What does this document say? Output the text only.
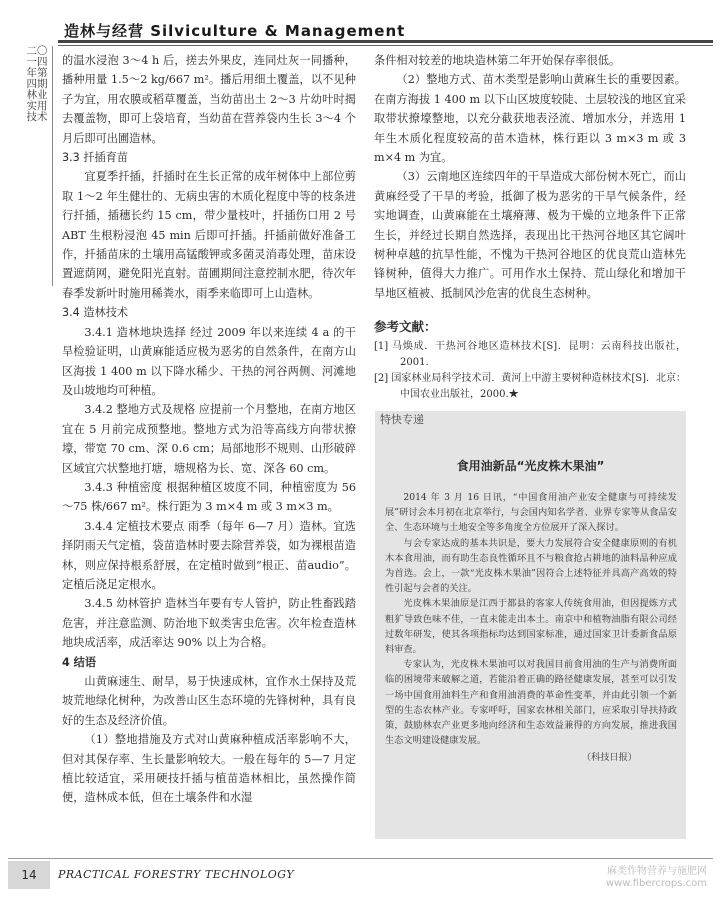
造林与经营 Silviculture & Management
二〇一四年第四期 林业实用技术

的温水浸泡 3～4 h 后，搓去外果皮，连同灶灰一同播种，播种用量 1.5～2 kg/667 m²。播后用细土覆盖，以不见种子为宜，用农膜或稻草覆盖，当幼苗出土 2～3 片幼叶时揭去覆盖物，即可上袋培育，当幼苗在营养袋内生长 3～4 个月后即可出圃造林。

3.3 扦插育苗

宜夏季扦插，扦插时在生长正常的成年树体中上部位剪取 1～2 年生健壮的、无病虫害的木质化程度中等的枝条进行扦插，插穗长约 15 cm，带少量枝叶，扦插伤口用 2 号 ABT 生根粉浸泡 45 min 后即可扦插。扦插前做好准备工作，扦插苗床的土壤用高锰酸钾或多菌灵消毒处理，苗床设置遮荫网，避免阳光直射。苗圃期间注意控制水肥，待次年春季发新叶时施用稀粪水，雨季来临即可上山造林。

3.4 造林技术

3.4.1 造林地块选择 经过 2009 年以来连续 4 a 的干旱检验证明，山黄麻能适应极为恶劣的自然条件，在南方山区海拔 1 400 m 以下降水稀少、干热的河谷两侧、河滩地及山坡地均可种植。

3.4.2 整地方式及规格 应提前一个月整地，在南方地区宜在 5 月前完成预整地。整地方式为沿等高线方向带状撩壕，带宽 70 cm、深 0.6 cm；局部地形不规则、山形破碎区域宜穴状整地打塘，塘规格为长、宽、深各 60 cm。

3.4.3 种植密度 根据种植区坡度不同，种植密度为 56～75 株/667 m²。株行距为 3 m×4 m 或 3 m×3 m。

3.4.4 定植技术要点 雨季（每年 6—7 月）造林。宜选择阴雨天气定植，袋苗造林时要去除营养袋，如为裸根苗造林，则应保持根系舒展，在定植时做到“根正、苗audio”。定植后浇足定根水。

3.4.5 幼林管护 造林当年要有专人管护，防止牲畜践踏危害，并注意监测、防治地下蚁类害虫危害。次年检查造林地块成活率，成活率达 90% 以上为合格。

4 结语

山黄麻速生、耐旱，易于快速成林，宜作水土保持及荒坡荒地绿化树种，为改善山区生态环境的先锋树种，具有良好的生态及经济价值。

（1）整地措施及方式对山黄麻种植成活率影响不大，但对其保存率、生长量影响较大。一般在每年的 5—7 月定植比较适宜，采用硬技扦插与植苗造林相比，虽然操作简便，造林成本低，但在土壤条件和水湿

条件相对较差的地块造林第二年开始保存率很低。

（2）整地方式、苗木类型是影响山黄麻生长的重要因素。在南方海拔 1 400 m 以下山区坡度较陡、土层较浅的地区宜采取带状撩壕整地，以充分截获地表泾流、增加水分，并选用 1 年生木质化程度较高的苗木造林，株行距以 3 m×3 m 或 3 m×4 m 为宜。

（3）云南地区连续四年的干旱造成大部份树木死亡，而山黄麻经受了干旱的考验，抵御了极为恶劣的干旱气候条件，经实地调查，山黄麻能在土壤瘠薄、极为干燥的立地条件下正常生长，并经过长期自然选择，表现出比干热河谷地区其它阔叶树种卓越的抗旱性能，不愧为干热河谷地区的优良荒山造林先锋树种，值得大力推广。可用作水土保持、荒山绿化和增加干旱地区植被、抵制风沙危害的优良生态树种。

参考文献：
[1] 马焕成．干热河谷地区造林技术[S]．昆明：云南科技出版社，2001.
[2] 国家林业局科学技术司．黄河上中游主要树种造林技术[S]．北京：中国农业出版社，2000.★
特快专递
食用油新品“光皮株木果油”

2014 年 3 月 16 日讯，“中国食用油产业安全健康与可持续发展”研讨会本月初在北京举行，与会国内知名学者、业界专家等从食品安全、生态环境与土地安全等多角度全方位展开了深入探讨。

与会专家达成的基本共识是，要大力发展符合安全健康原则的有机木本食用油，而有助生态良性循环且不与粮食抢占耕地的油料品种应成为首选。会上，一款“光皮株木果油”因符合上述特征并具高产高效的特性引起与会者的关注。

光皮株木果油原是江西于都县的客家人传统食用油，但因提炼方式粗犷导致色味不佳，一直未能走出本土。南京中和植物油脂有限公司经过数年研发，使其各项指标均达到国家标准，通过国家卫计委新食品原料审查。

专家认为，光皮株木果油可以对我国目前食用油的生产与消费所面临的困境带来破解之道，若能沿着正确的路径健康发展，甚至可以引发一场中国食用油料生产和食用油消费的革命性变革，并由此引领一个新型的生态农林产业。专家呼吁，国家农林相关部门，应采取引导扶持政策，鼓励林农产业更多地向经济和生态效益兼得的方向发展，推进我国生态文明建设健康发展。

（科技日报）
14	PRACTICAL FORESTRY TECHNOLOGY	麻类作物营养与施肥网
www.fibercrops.com
